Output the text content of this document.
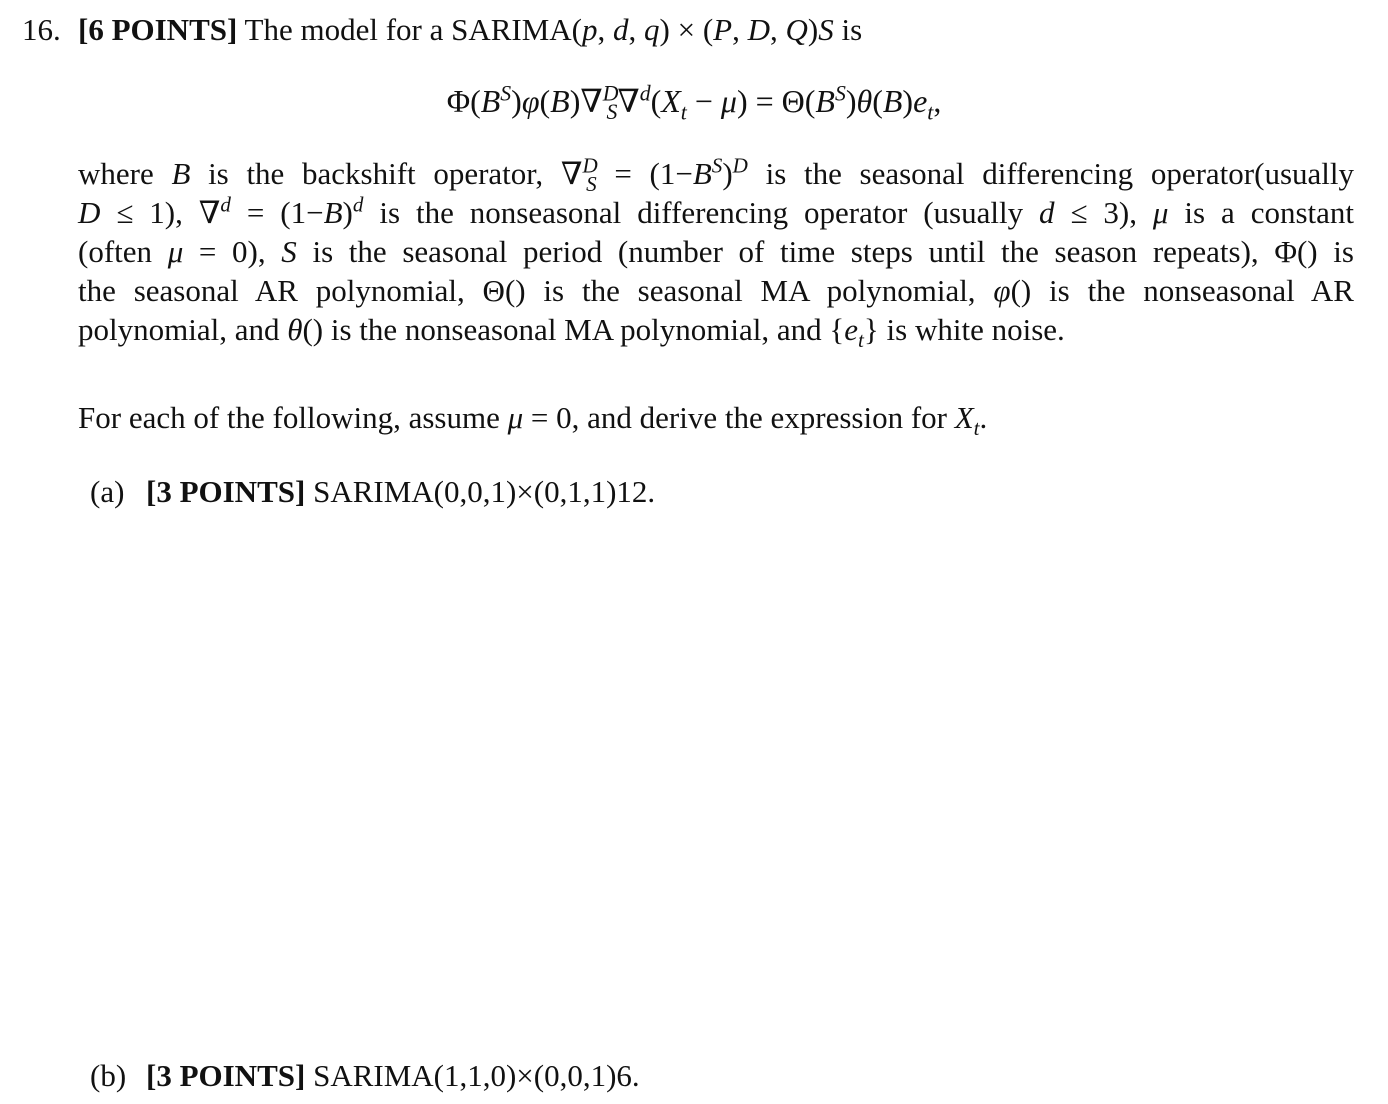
16. [6 POINTS] The model for a SARIMA(p, d, q) × (P, D, Q)S is
$\Phi(B^S)\varphi(B)\nabla^D_S\nabla^d(X_t - \mu) = \Theta(B^S)\theta(B)e_t$,
where B is the backshift operator, $\nabla^D_S = (1-B^S)^D$ is the seasonal differencing operator(usually
D ≤ 1), $\nabla^d = (1-B)^d$ is the nonseasonal differencing operator (usually d ≤ 3), μ is a constant
(often μ = 0), S is the seasonal period (number of time steps until the season repeats), Φ() is
the seasonal AR polynomial, Θ() is the seasonal MA polynomial, φ() is the nonseasonal AR
polynomial, and θ() is the nonseasonal MA polynomial, and $\{e_t\}$ is white noise.
For each of the following, assume μ = 0, and derive the expression for $X_t$.
(a) [3 POINTS] SARIMA(0,0,1)×(0,1,1)12.
(b) [3 POINTS] SARIMA(1,1,0)×(0,0,1)6.
